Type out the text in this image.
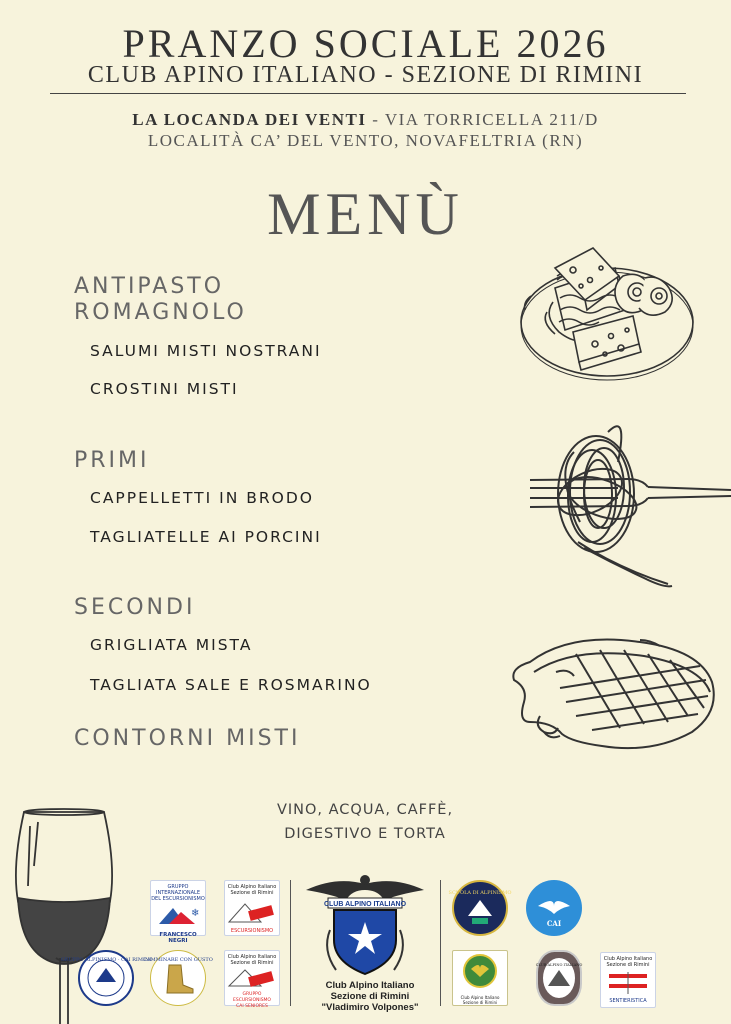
PRANZO SOCIALE 2026
CLUB APINO ITALIANO - SEZIONE DI RIMINI
LA LOCANDA DEI VENTI - VIA TORRICELLA 211/D
LOCALITÀ CA’ DEL VENTO, NOVAFELTRIA (RN)
MENÙ
ANTIPASTO
ROMAGNOLO
SALUMI MISTI NOSTRANI
CROSTINI MISTI
PRIMI
CAPPELLETTI IN BRODO
TAGLIATELLE AI PORCINI
SECONDI
GRIGLIATA MISTA
TAGLIATA SALE E ROSMARINO
CONTORNI MISTI
VINO, ACQUA, CAFFÈ,
DIGESTIVO E TORTA
GRUPPO INTERNAZIONALE
DEL ESCURSIONISMO
❄
FRANCESCO NEGRI
Club Alpino Italiano
Sezione di Rimini
ESCURSIONISMO
GRUPPO ALPINISMO · CAI RIMINI
CAMMINARE CON GUSTO	Club Alpino Italiano
Sezione di Rimini
GRUPPO ESCURSIONISMO
CAI SENIORES
CLUB ALPINO ITALIANO
Club Alpino Italiano
Sezione di Rimini
"Vladimiro Volpones"
SCUOLA DI ALPINISMO
CAI
Club Alpino Italiano
Sezione di Rimini
CLUB ALPINO ITALIANO
Club Alpino Italiano
Sezione di Rimini
SENTIERISTICA
